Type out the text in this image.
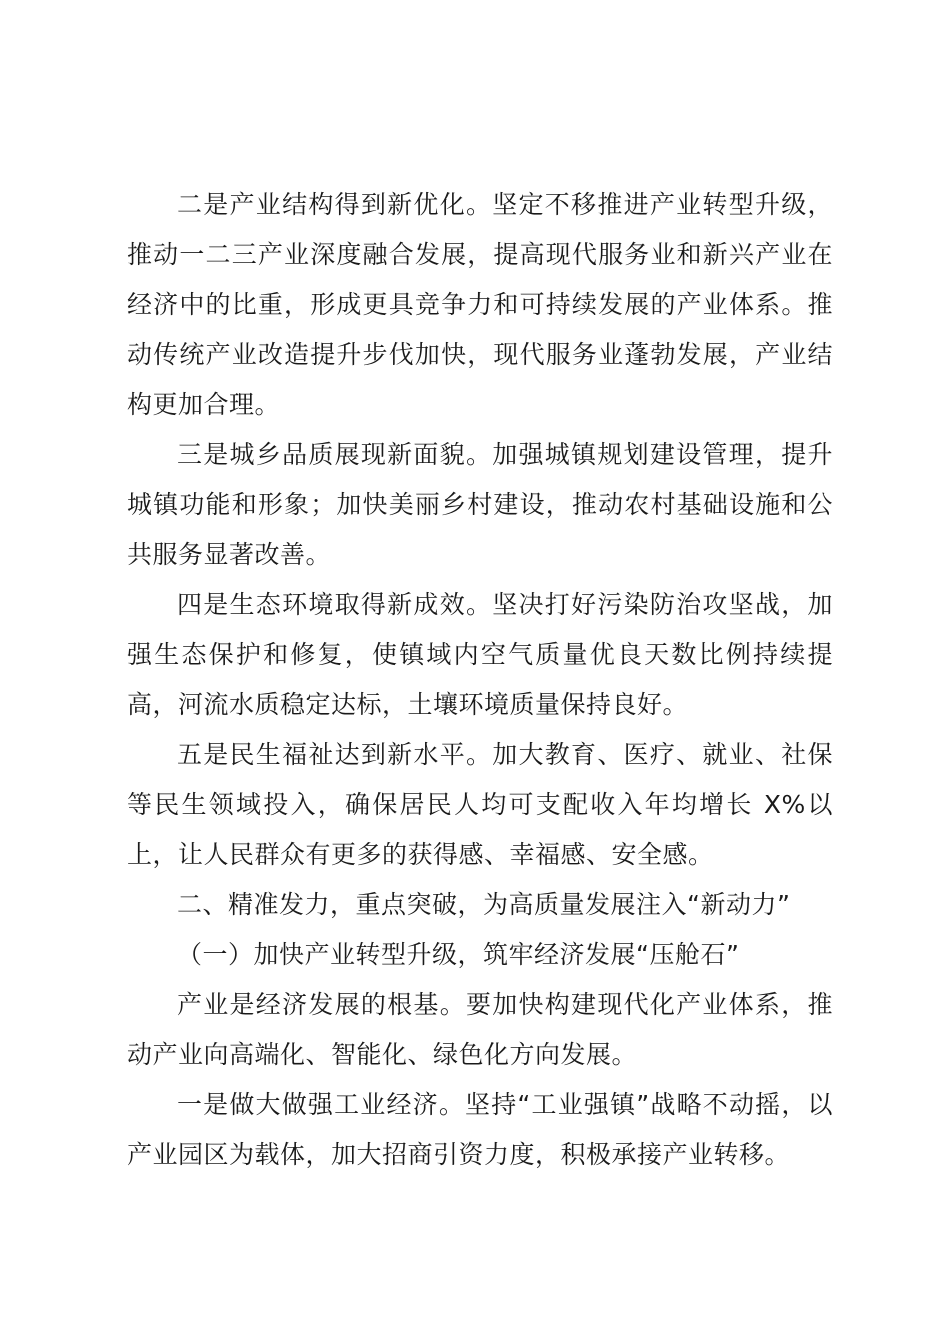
二是产业结构得到新优化。坚定不移推进产业转型升级，推动一二三产业深度融合发展，提高现代服务业和新兴产业在经济中的比重，形成更具竞争力和可持续发展的产业体系。推动传统产业改造提升步伐加快，现代服务业蓬勃发展，产业结构更加合理。

三是城乡品质展现新面貌。加强城镇规划建设管理，提升城镇功能和形象；加快美丽乡村建设，推动农村基础设施和公共服务显著改善。

四是生态环境取得新成效。坚决打好污染防治攻坚战，加强生态保护和修复，使镇域内空气质量优良天数比例持续提高，河流水质稳定达标，土壤环境质量保持良好。

五是民生福祉达到新水平。加大教育、医疗、就业、社保等民生领域投入，确保居民人均可支配收入年均增长 X%以上，让人民群众有更多的获得感、幸福感、安全感。

二、精准发力，重点突破，为高质量发展注入“新动力”

（一）加快产业转型升级，筑牢经济发展“压舱石”

产业是经济发展的根基。要加快构建现代化产业体系，推动产业向高端化、智能化、绿色化方向发展。

一是做大做强工业经济。坚持“工业强镇”战略不动摇，以产业园区为载体，加大招商引资力度，积极承接产业转移。
